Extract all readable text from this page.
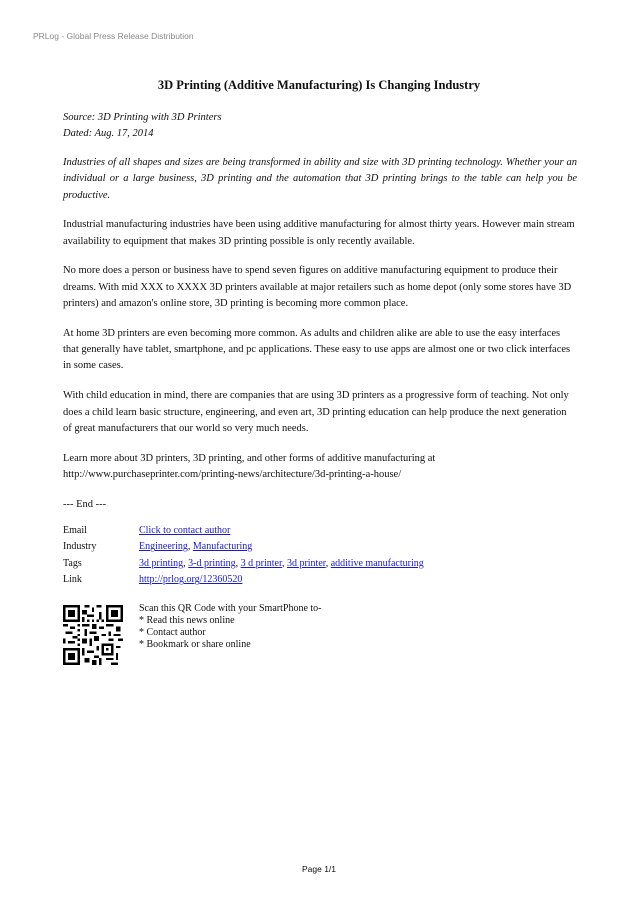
PRLog - Global Press Release Distribution
3D Printing (Additive Manufacturing) Is Changing Industry
Source: 3D Printing with 3D Printers
Dated: Aug. 17, 2014

Industries of all shapes and sizes are being transformed in ability and size with 3D printing technology. Whether your an individual or a large business, 3D printing and the automation that 3D printing brings to the table can help you be productive.

Industrial manufacturing industries have been using additive manufacturing for almost thirty years. However main stream availability to equipment that makes 3D printing possible is only recently available.

No more does a person or business have to spend seven figures on additive manufacturing equipment to produce their dreams. With mid XXX to XXXX 3D printers available at major retailers such as home depot (only some stores have 3D printers) and amazon's online store, 3D printing is becoming more common place.

At home 3D printers are even becoming more common. As adults and children alike are able to use the easy interfaces that generally have tablet, smartphone, and pc applications. These easy to use apps are almost one or two click interfaces in some cases.

With child education in mind, there are companies that are using 3D printers as a progressive form of teaching. Not only does a child learn basic structure, engineering, and even art, 3D printing education can help produce the next generation of great manufacturers that our world so very much needs.

Learn more about 3D printers, 3D printing, and other forms of additive manufacturing at
http://www.purchaseprinter.com/printing-news/architecture/3d-printing-a-house/

--- End ---
Email	Click to contact author
Industry	Engineering, Manufacturing
Tags	3d printing, 3-d printing, 3 d printer, 3d printer, additive manufacturing
Link	http://prlog.org/12360520
Scan this QR Code with your SmartPhone to-
* Read this news online
* Contact author
* Bookmark or share online
Page 1/1
